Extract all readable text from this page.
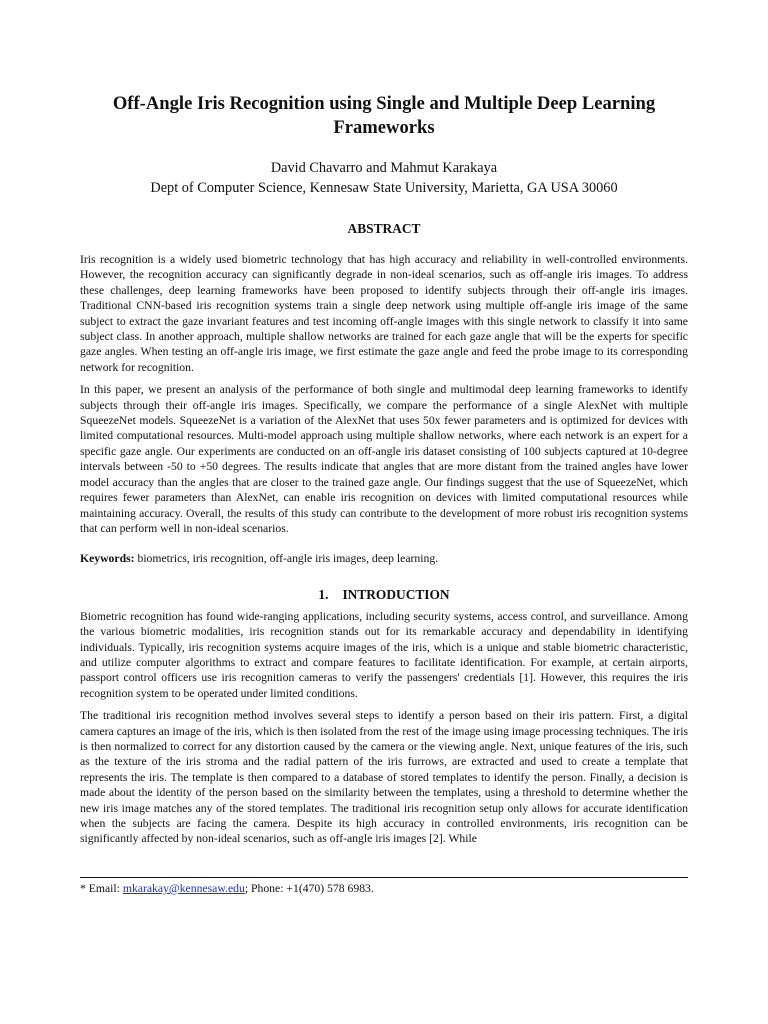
Off-Angle Iris Recognition using Single and Multiple Deep Learning Frameworks
David Chavarro and Mahmut Karakaya
Dept of Computer Science, Kennesaw State University, Marietta, GA USA 30060
ABSTRACT

Iris recognition is a widely used biometric technology that has high accuracy and reliability in well-controlled environments. However, the recognition accuracy can significantly degrade in non-ideal scenarios, such as off-angle iris images. To address these challenges, deep learning frameworks have been proposed to identify subjects through their off-angle iris images. Traditional CNN-based iris recognition systems train a single deep network using multiple off-angle iris image of the same subject to extract the gaze invariant features and test incoming off-angle images with this single network to classify it into same subject class. In another approach, multiple shallow networks are trained for each gaze angle that will be the experts for specific gaze angles. When testing an off-angle iris image, we first estimate the gaze angle and feed the probe image to its corresponding network for recognition.

In this paper, we present an analysis of the performance of both single and multimodal deep learning frameworks to identify subjects through their off-angle iris images. Specifically, we compare the performance of a single AlexNet with multiple SqueezeNet models. SqueezeNet is a variation of the AlexNet that uses 50x fewer parameters and is optimized for devices with limited computational resources. Multi-model approach using multiple shallow networks, where each network is an expert for a specific gaze angle. Our experiments are conducted on an off-angle iris dataset consisting of 100 subjects captured at 10-degree intervals between -50 to +50 degrees. The results indicate that angles that are more distant from the trained angles have lower model accuracy than the angles that are closer to the trained gaze angle. Our findings suggest that the use of SqueezeNet, which requires fewer parameters than AlexNet, can enable iris recognition on devices with limited computational resources while maintaining accuracy. Overall, the results of this study can contribute to the development of more robust iris recognition systems that can perform well in non-ideal scenarios.

Keywords: biometrics, iris recognition, off-angle iris images, deep learning.

1. INTRODUCTION

Biometric recognition has found wide-ranging applications, including security systems, access control, and surveillance. Among the various biometric modalities, iris recognition stands out for its remarkable accuracy and dependability in identifying individuals. Typically, iris recognition systems acquire images of the iris, which is a unique and stable biometric characteristic, and utilize computer algorithms to extract and compare features to facilitate identification. For example, at certain airports, passport control officers use iris recognition cameras to verify the passengers' credentials [1]. However, this requires the iris recognition system to be operated under limited conditions.

The traditional iris recognition method involves several steps to identify a person based on their iris pattern. First, a digital camera captures an image of the iris, which is then isolated from the rest of the image using image processing techniques. The iris is then normalized to correct for any distortion caused by the camera or the viewing angle. Next, unique features of the iris, such as the texture of the iris stroma and the radial pattern of the iris furrows, are extracted and used to create a template that represents the iris. The template is then compared to a database of stored templates to identify the person. Finally, a decision is made about the identity of the person based on the similarity between the templates, using a threshold to determine whether the new iris image matches any of the stored templates. The traditional iris recognition setup only allows for accurate identification when the subjects are facing the camera. Despite its high accuracy in controlled environments, iris recognition can be significantly affected by non-ideal scenarios, such as off-angle iris images [2]. While

* Email: mkarakay@kennesaw.edu; Phone: +1(470) 578 6983.
